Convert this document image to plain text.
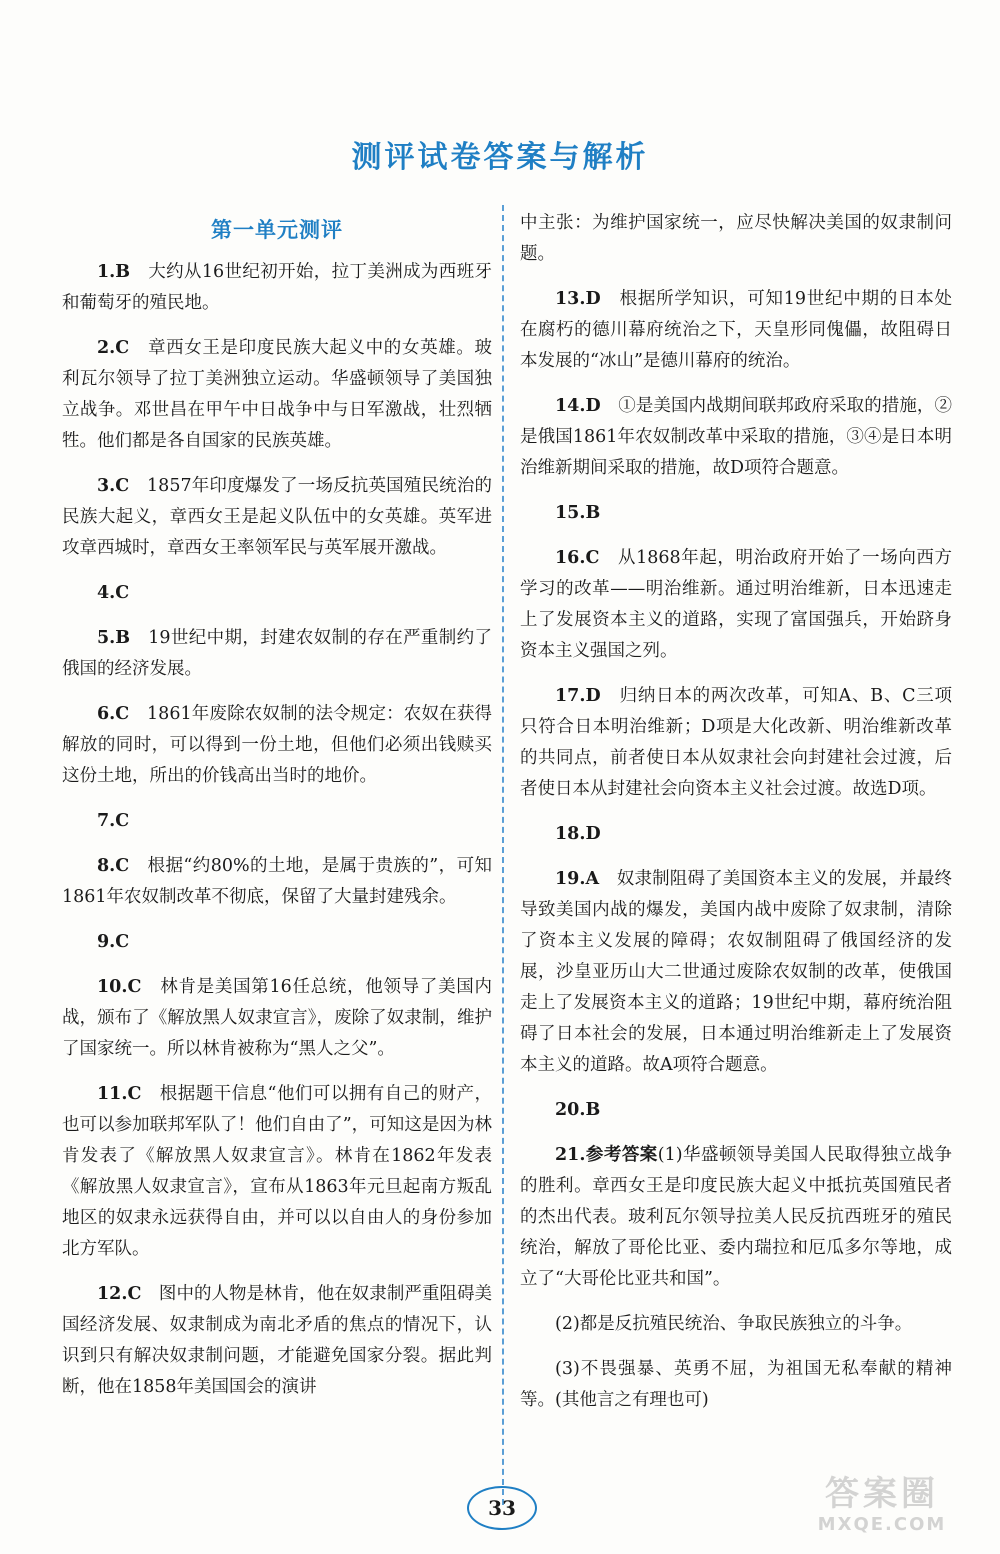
测评试卷答案与解析
第一单元测评

1.B　大约从16世纪初开始，拉丁美洲成为西班牙和葡萄牙的殖民地。

2.C　章西女王是印度民族大起义中的女英雄。玻利瓦尔领导了拉丁美洲独立运动。华盛顿领导了美国独立战争。邓世昌在甲午中日战争中与日军激战，壮烈牺牲。他们都是各自国家的民族英雄。

3.C　1857年印度爆发了一场反抗英国殖民统治的民族大起义，章西女王是起义队伍中的女英雄。英军进攻章西城时，章西女王率领军民与英军展开激战。

4.C

5.B　19世纪中期，封建农奴制的存在严重制约了俄国的经济发展。

6.C　1861年废除农奴制的法令规定：农奴在获得解放的同时，可以得到一份土地，但他们必须出钱赎买这份土地，所出的价钱高出当时的地价。

7.C

8.C　根据“约80%的土地，是属于贵族的”，可知1861年农奴制改革不彻底，保留了大量封建残余。

9.C

10.C　林肯是美国第16任总统，他领导了美国内战，颁布了《解放黑人奴隶宣言》，废除了奴隶制，维护了国家统一。所以林肯被称为“黑人之父”。

11.C　根据题干信息“他们可以拥有自己的财产，也可以参加联邦军队了！他们自由了”，可知这是因为林肯发表了《解放黑人奴隶宣言》。林肯在1862年发表《解放黑人奴隶宣言》，宣布从1863年元旦起南方叛乱地区的奴隶永远获得自由，并可以以自由人的身份参加北方军队。

12.C　图中的人物是林肯，他在奴隶制严重阻碍美国经济发展、奴隶制成为南北矛盾的焦点的情况下，认识到只有解决奴隶制问题，才能避免国家分裂。据此判断，他在1858年美国国会的演讲

中主张：为维护国家统一，应尽快解决美国的奴隶制问题。

13.D　根据所学知识，可知19世纪中期的日本处在腐朽的德川幕府统治之下，天皇形同傀儡，故阻碍日本发展的“冰山”是德川幕府的统治。

14.D　①是美国内战期间联邦政府采取的措施，②是俄国1861年农奴制改革中采取的措施，③④是日本明治维新期间采取的措施，故D项符合题意。

15.B

16.C　从1868年起，明治政府开始了一场向西方学习的改革——明治维新。通过明治维新，日本迅速走上了发展资本主义的道路，实现了富国强兵，开始跻身资本主义强国之列。

17.D　归纳日本的两次改革，可知A、B、C三项只符合日本明治维新；D项是大化改新、明治维新改革的共同点，前者使日本从奴隶社会向封建社会过渡，后者使日本从封建社会向资本主义社会过渡。故选D项。

18.D

19.A　奴隶制阻碍了美国资本主义的发展，并最终导致美国内战的爆发，美国内战中废除了奴隶制，清除了资本主义发展的障碍；农奴制阻碍了俄国经济的发展，沙皇亚历山大二世通过废除农奴制的改革，使俄国走上了发展资本主义的道路；19世纪中期，幕府统治阻碍了日本社会的发展，日本通过明治维新走上了发展资本主义的道路。故A项符合题意。

20.B

21.参考答案(1)华盛顿领导美国人民取得独立战争的胜利。章西女王是印度民族大起义中抵抗英国殖民者的杰出代表。玻利瓦尔领导拉美人民反抗西班牙的殖民统治，解放了哥伦比亚、委内瑞拉和厄瓜多尔等地，成立了“大哥伦比亚共和国”。

(2)都是反抗殖民统治、争取民族独立的斗争。

(3)不畏强暴、英勇不屈，为祖国无私奉献的精神等。(其他言之有理也可)

33	答案圈
MXQE.COM
